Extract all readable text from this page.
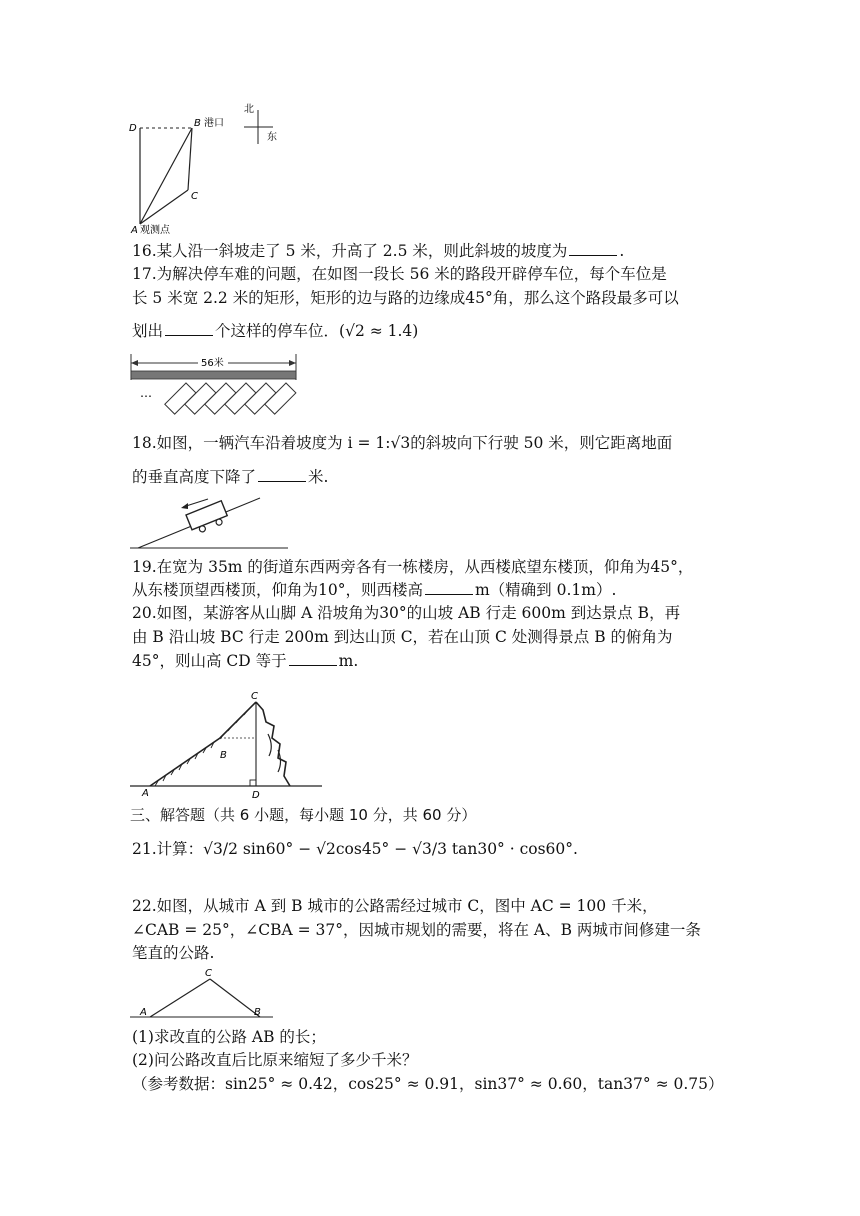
B 港口
D
C
A 观测点
北
东
16.某人沿一斜坡走了 5 米，升高了 2.5 米，则此斜坡的坡度为	.
17.为解决停车难的问题，在如图一段长 56 米的路段开辟停车位，每个车位是
长 5 米宽 2.2 米的矩形，矩形的边与路的边缘成45°角，那么这个路段最多可以
划出	个这样的停车位．(√2 ≈ 1.4)
56米
…
18.如图，一辆汽车沿着坡度为 i = 1:√3的斜坡向下行驶 50 米，则它距离地面
的垂直高度下降了	米.
19.在宽为 35m 的街道东西两旁各有一栋楼房，从西楼底望东楼顶，仰角为45°，
从东楼顶望西楼顶，仰角为10°，则西楼高	m（精确到 0.1m）.
20.如图，某游客从山脚 A 沿坡角为30°的山坡 AB 行走 600m 到达景点 B，再
由 B 沿山坡 BC 行走 200m 到达山顶 C，若在山顶 C 处测得景点 B 的俯角为
45°，则山高 CD 等于	m.
C
B
A	D
三、解答题（共 6 小题，每小题 10 分，共 60 分）
21.计算：√3/2 sin60° − √2cos45° − √3/3 tan30° · cos60°.
22.如图，从城市 A 到 B 城市的公路需经过城市 C，图中 AC = 100 千米，
∠CAB = 25°，∠CBA = 37°，因城市规划的需要，将在 A、B 两城市间修建一条
笔直的公路.
C
A	B
(1)求改直的公路 AB 的长；
(2)问公路改直后比原来缩短了多少千米？
（参考数据：sin25° ≈ 0.42，cos25° ≈ 0.91，sin37° ≈ 0.60，tan37° ≈ 0.75）
